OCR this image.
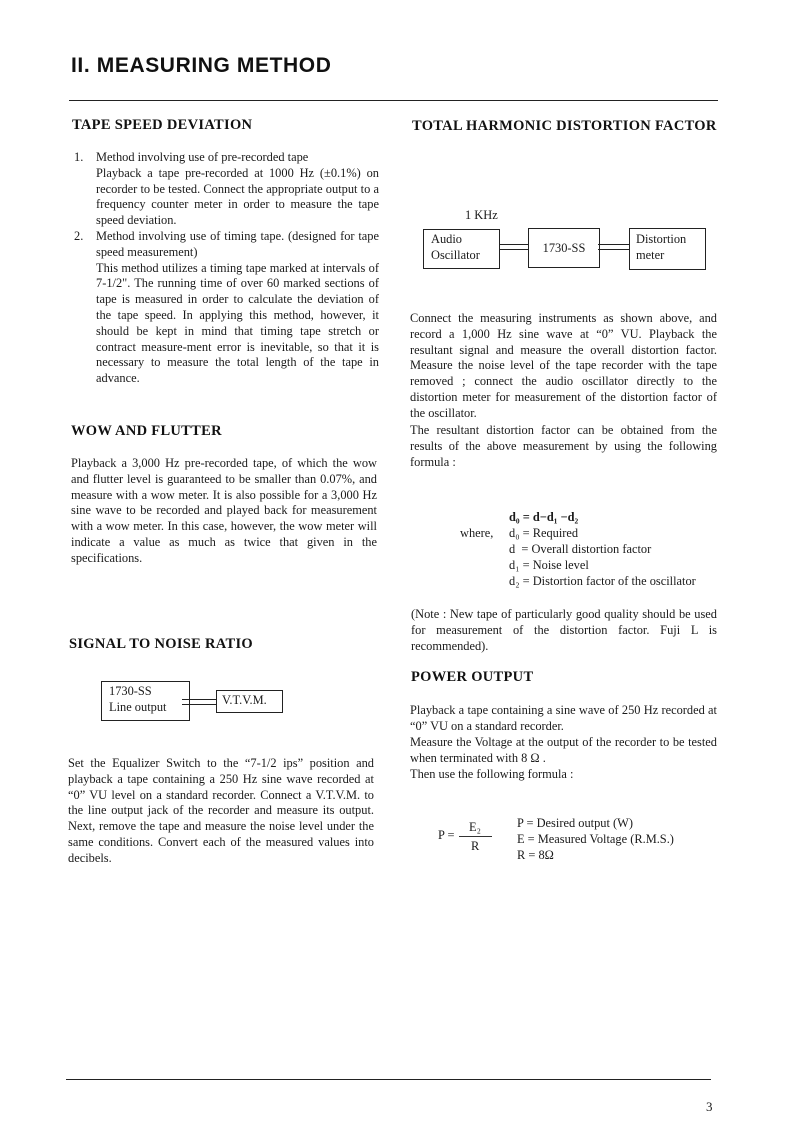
II. MEASURING METHOD
TAPE SPEED DEVIATION
1. Method involving use of pre-recorded tape

Playback a tape pre-recorded at 1000 Hz (±0.1%) on recorder to be tested. Connect the appropriate output to a frequency counter meter in order to measure the tape speed deviation.

2. Method involving use of timing tape. (designed for tape speed measurement)

This method utilizes a timing tape marked at intervals of 7-1/2". The running time of over 60 marked sections of tape is measured in order to calculate the deviation of the tape speed. In applying this method, however, it should be kept in mind that timing tape stretch or contract measure-ment error is inevitable, so that it is necessary to measure the total length of the tape in advance.

WOW AND FLUTTER
Playback a 3,000 Hz pre-recorded tape, of which the wow and flutter level is guaranteed to be smaller than 0.07%, and measure with a wow meter. It is also possible for a 3,000 Hz sine wave to be recorded and played back for measurement with a wow meter. In this case, however, the wow meter will indicate a value as much as twice that given in the specifications.
SIGNAL TO NOISE RATIO
1730-SS
Line output	V.T.V.M.
Set the Equalizer Switch to the “7-1/2 ips” position and playback a tape containing a 250 Hz sine wave recorded at “0” VU level on a standard recorder. Connect a V.T.V.M. to the line output jack of the recorder and measure its output. Next, remove the tape and measure the noise level under the same conditions. Convert each of the measured values into decibels.
TOTAL HARMONIC DISTORTION FACTOR
1 KHz
Audio
Oscillator	1730-SS
Distortion
meter
Connect the measuring instruments as shown above, and record a 1,000 Hz sine wave at “0” VU. Playback the resultant signal and measure the overall distortion factor. Measure the noise level of the tape recorder with the tape removed ; connect the audio oscillator directly to the distortion meter for measurement of the distortion factor of the oscillator.
The resultant distortion factor can be obtained from the results of the above measurement by using the following formula :
d₀ = d−d₁ −d₂
where, d₀ = Required
d  = Overall distortion factor
d₁ = Noise level
d₂ = Distortion factor of the oscillator
(Note : New tape of particularly good quality should be used for measurement of the distortion factor. Fuji L is recommended).
POWER OUTPUT
Playback a tape containing a sine wave of 250 Hz recorded at “0” VU on a standard recorder.
Measure the Voltage at the output of the recorder to be tested when terminated with 8 Ω .
Then use the following formula :
P =
E₂
R
P = Desired output (W)
E = Measured Voltage (R.M.S.)
R = 8Ω
3
